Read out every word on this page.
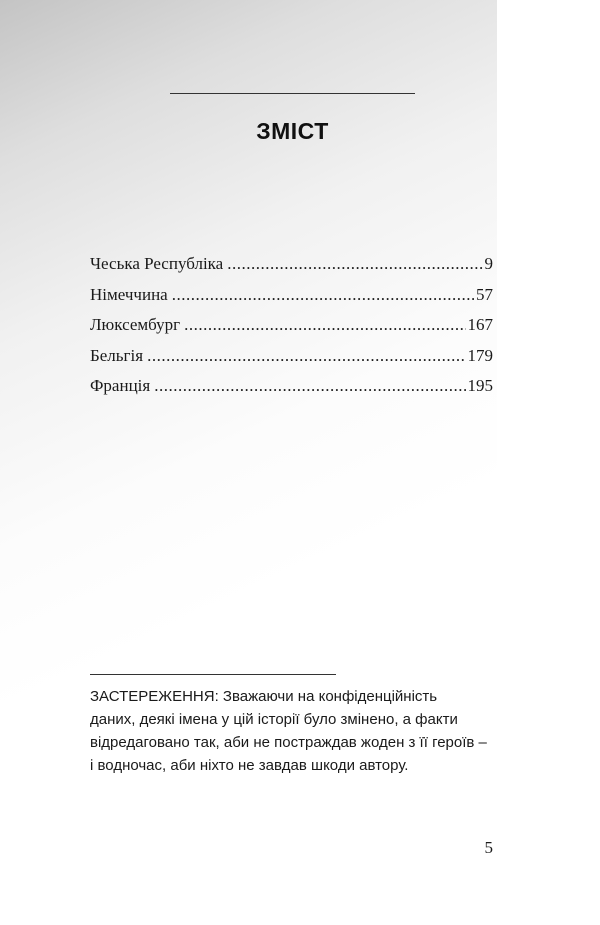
ЗМІСТ
Чеська Республіка .....	9
Німеччина .....	57
Люксембург .....	167
Бельгія .....	179
Франція .....	195
ЗАСТЕРЕЖЕННЯ: Зважаючи на конфіденційність
даних, деякі імена у цій історії було змінено, а факти
відредаговано так, аби не постраждав жоден з її героїв –
і водночас, аби ніхто не завдав шкоди автору.
5
